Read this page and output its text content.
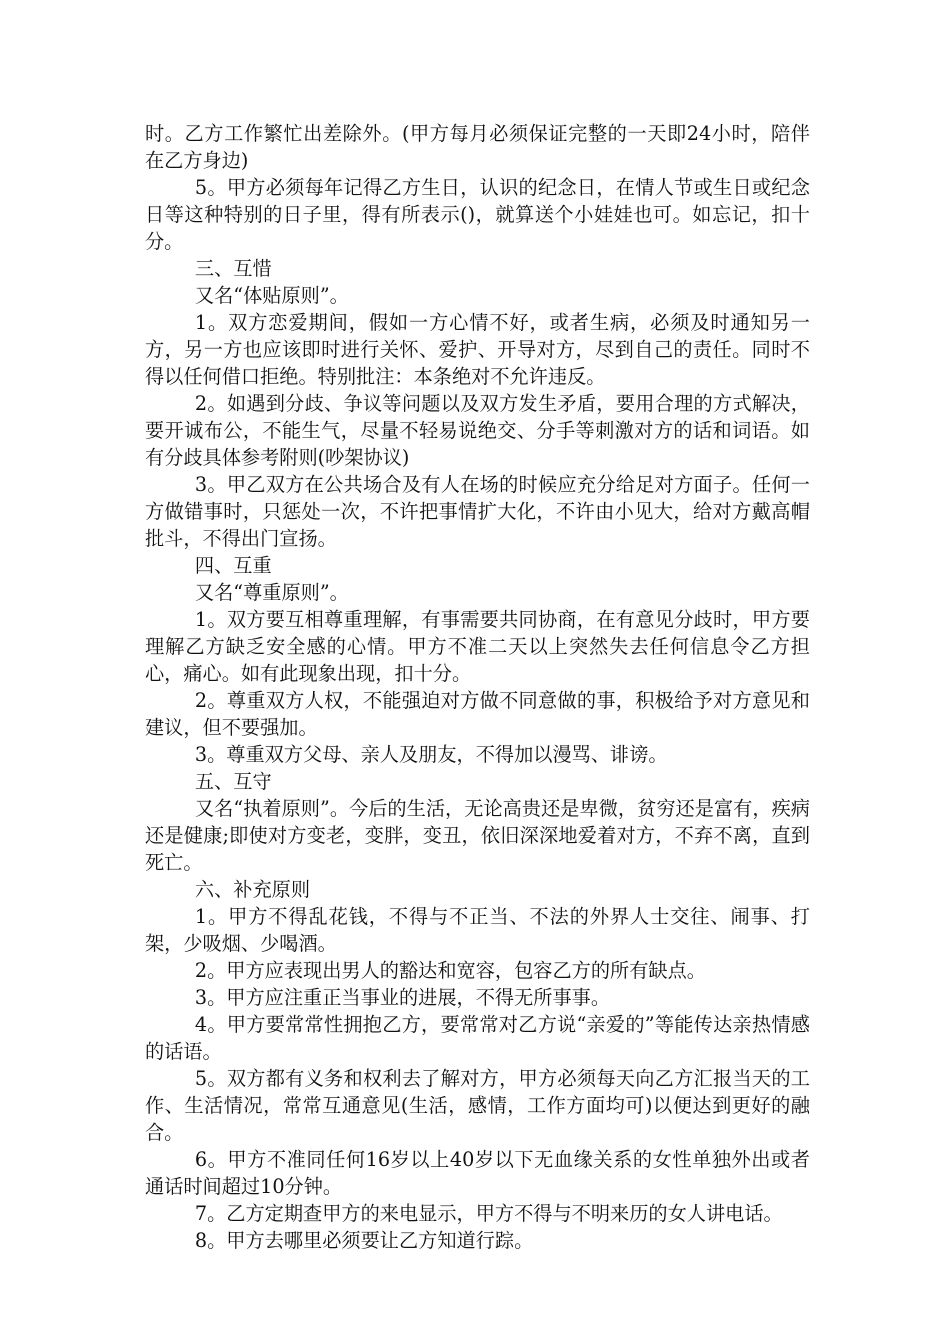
时。乙方工作繁忙出差除外。(甲方每月必须保证完整的一天即24小时，陪伴在乙方身边)

5。甲方必须每年记得乙方生日，认识的纪念日，在情人节或生日或纪念日等这种特别的日子里，得有所表示()，就算送个小娃娃也可。如忘记，扣十分。

三、互惜

又名“体贴原则”。

1。双方恋爱期间，假如一方心情不好，或者生病，必须及时通知另一方，另一方也应该即时进行关怀、爱护、开导对方，尽到自己的责任。同时不得以任何借口拒绝。特别批注：本条绝对不允许违反。

2。如遇到分歧、争议等问题以及双方发生矛盾，要用合理的方式解决，要开诚布公，不能生气，尽量不轻易说绝交、分手等刺激对方的话和词语。如有分歧具体参考附则(吵架协议)

3。甲乙双方在公共场合及有人在场的时候应充分给足对方面子。任何一方做错事时，只惩处一次，不许把事情扩大化，不许由小见大，给对方戴高帽批斗，不得出门宣扬。

四、互重

又名“尊重原则”。

1。双方要互相尊重理解，有事需要共同协商，在有意见分歧时，甲方要理解乙方缺乏安全感的心情。甲方不准二天以上突然失去任何信息令乙方担心，痛心。如有此现象出现，扣十分。

2。尊重双方人权，不能强迫对方做不同意做的事，积极给予对方意见和建议，但不要强加。

3。尊重双方父母、亲人及朋友，不得加以漫骂、诽谤。

五、互守

又名“执着原则”。今后的生活，无论高贵还是卑微，贫穷还是富有，疾病还是健康;即使对方变老，变胖，变丑，依旧深深地爱着对方，不弃不离，直到死亡。

六、补充原则

1。甲方不得乱花钱，不得与不正当、不法的外界人士交往、闹事、打架，少吸烟、少喝酒。

2。甲方应表现出男人的豁达和宽容，包容乙方的所有缺点。

3。甲方应注重正当事业的进展，不得无所事事。

4。甲方要常常性拥抱乙方，要常常对乙方说“亲爱的”等能传达亲热情感的话语。

5。双方都有义务和权利去了解对方，甲方必须每天向乙方汇报当天的工作、生活情况，常常互通意见(生活，感情，工作方面均可)以便达到更好的融合。

6。甲方不准同任何16岁以上40岁以下无血缘关系的女性单独外出或者通话时间超过10分钟。

7。乙方定期查甲方的来电显示，甲方不得与不明来历的女人讲电话。

8。甲方去哪里必须要让乙方知道行踪。
